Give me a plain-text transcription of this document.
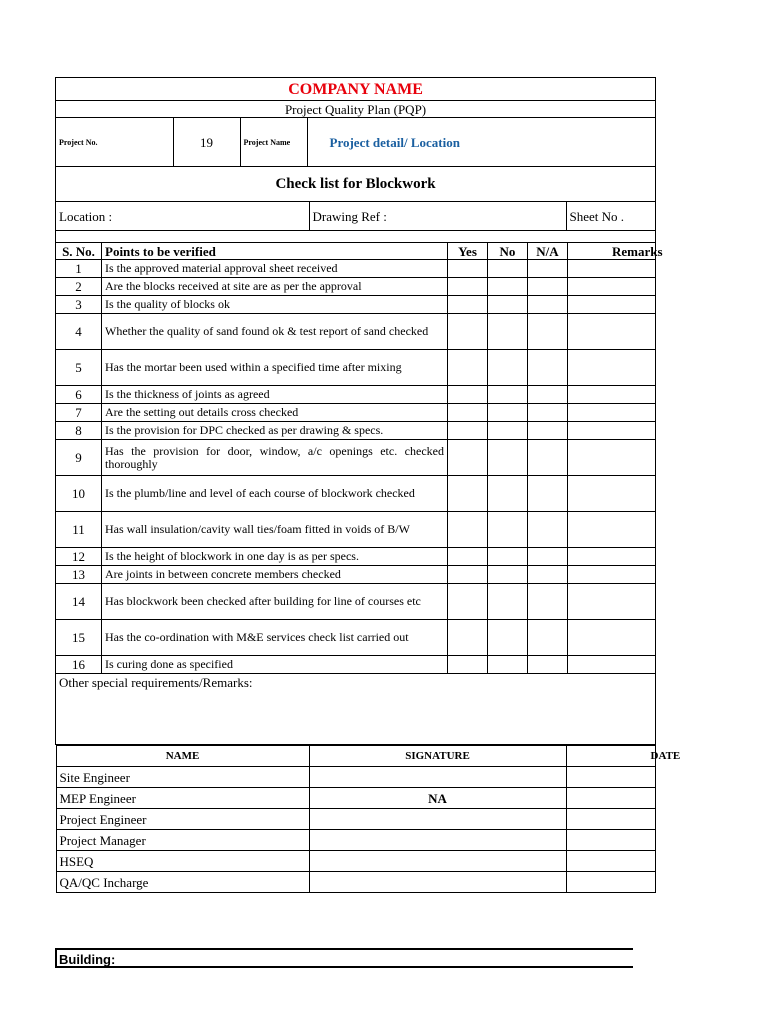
COMPANY NAME
Project Quality Plan (PQP)

Project No.	19	Project Name	Project detail/ Location

Check list for Blockwork

Location :	Drawing Ref :	Sheet No .

S. No.	Points to be verified	Yes	No	N/A	Remarks
1	Is the approved material approval sheet received				
2	Are the blocks received at site are as per the approval				
3	Is the quality of blocks ok				
4	Whether the quality of sand found ok & test report of sand checked				
5	Has the mortar been used within a specified time after mixing				
6	Is the thickness of joints as agreed				
7	Are the setting out details cross checked				
8	Is the provision for DPC checked as per drawing & specs.				
9	Has the provision for door, window, a/c openings etc. checked thoroughly				
10	Is the plumb/line and level of each course of blockwork checked				
11	Has wall insulation/cavity wall ties/foam fitted in voids of B/W				
12	Is the height of blockwork in one day is as per specs.				
13	Are joints in between concrete members checked				
14	Has blockwork been checked after building for line of courses etc				
15	Has the co-ordination with M&E services check list carried out				
16	Is curing done as specified				
Other special requirements/Remarks:

NAME	SIGNATURE	DATE
Site Engineer		
MEP Engineer	NA	
Project Engineer		
Project Manager		
HSEQ		
QA/QC Incharge		
Building:
